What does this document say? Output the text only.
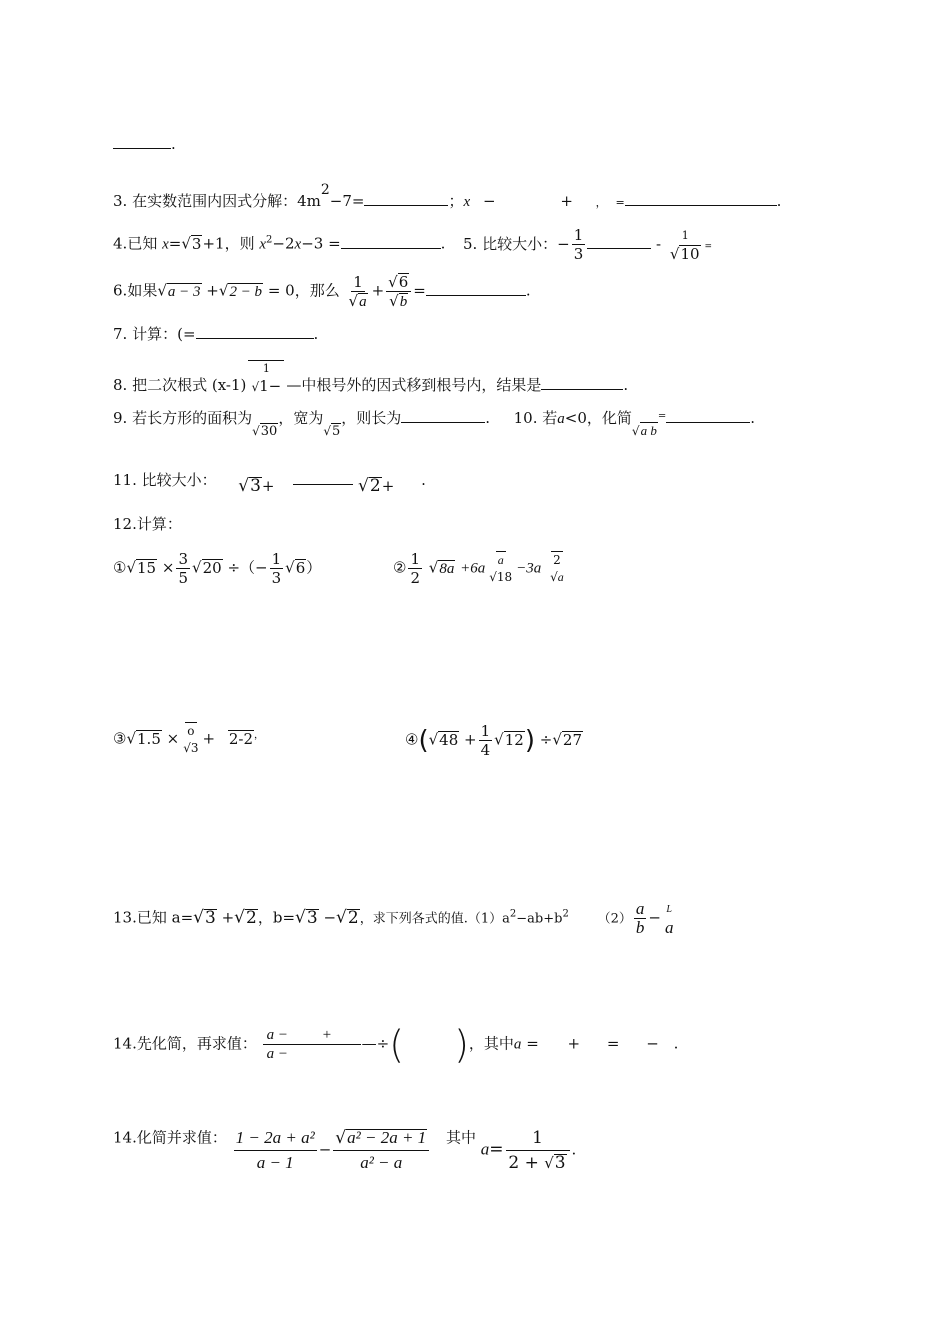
.
3. 在实数范围内因式分解：$4m^2-7=$	；x −	+ ， =	.
4.已知 x=√3+1，则 $x^2-2x-3$ =	. 5. 比较大小：− $\frac{1}{3}$	- 1
√10 =
6.如果√a − 3 +√2 − b = 0，那么 $\frac{1}{√a} + \frac{√6}{√b}$ =	.
7. 计算：(=	.
8. 把二次根式 (x-1)
1
√1− —中根号外的因式移到根号内，结果是	.
9. 若长方形的面积为√30，宽为√5，则长为	. 10. 若a<0，化简√a b=	.
11. 比较大小： √3+	√2+ .
12.计算：
①√15 × $\frac{3}{5} √20$ ÷（− $\frac{1}{3} √6$）	② $\frac{1}{2} √8a +6a$
a
√18
−3a
2
√a
③√1.5 × o
√3
+ 2-2，	④(√48 + $\frac{1}{4} √12) \div√27$
13.已知 a=√3 +√2，b=√3 −√2，求下列各式的值$.(1)a^2-ab+b^2$ $(2) \frac{a}{b} - L$
a
14.先化简，再求值： $\frac{a - +}{a -}$ —÷( )，其中a = + = − .
14.化简并求值： $\frac{\text{1 − 2a + a²}}{a - 1} - \frac{\text{√a² − 2a + 1}}{\text{a² − a}}$ 其中 $a= \frac{1}{2 + √3}$ .
